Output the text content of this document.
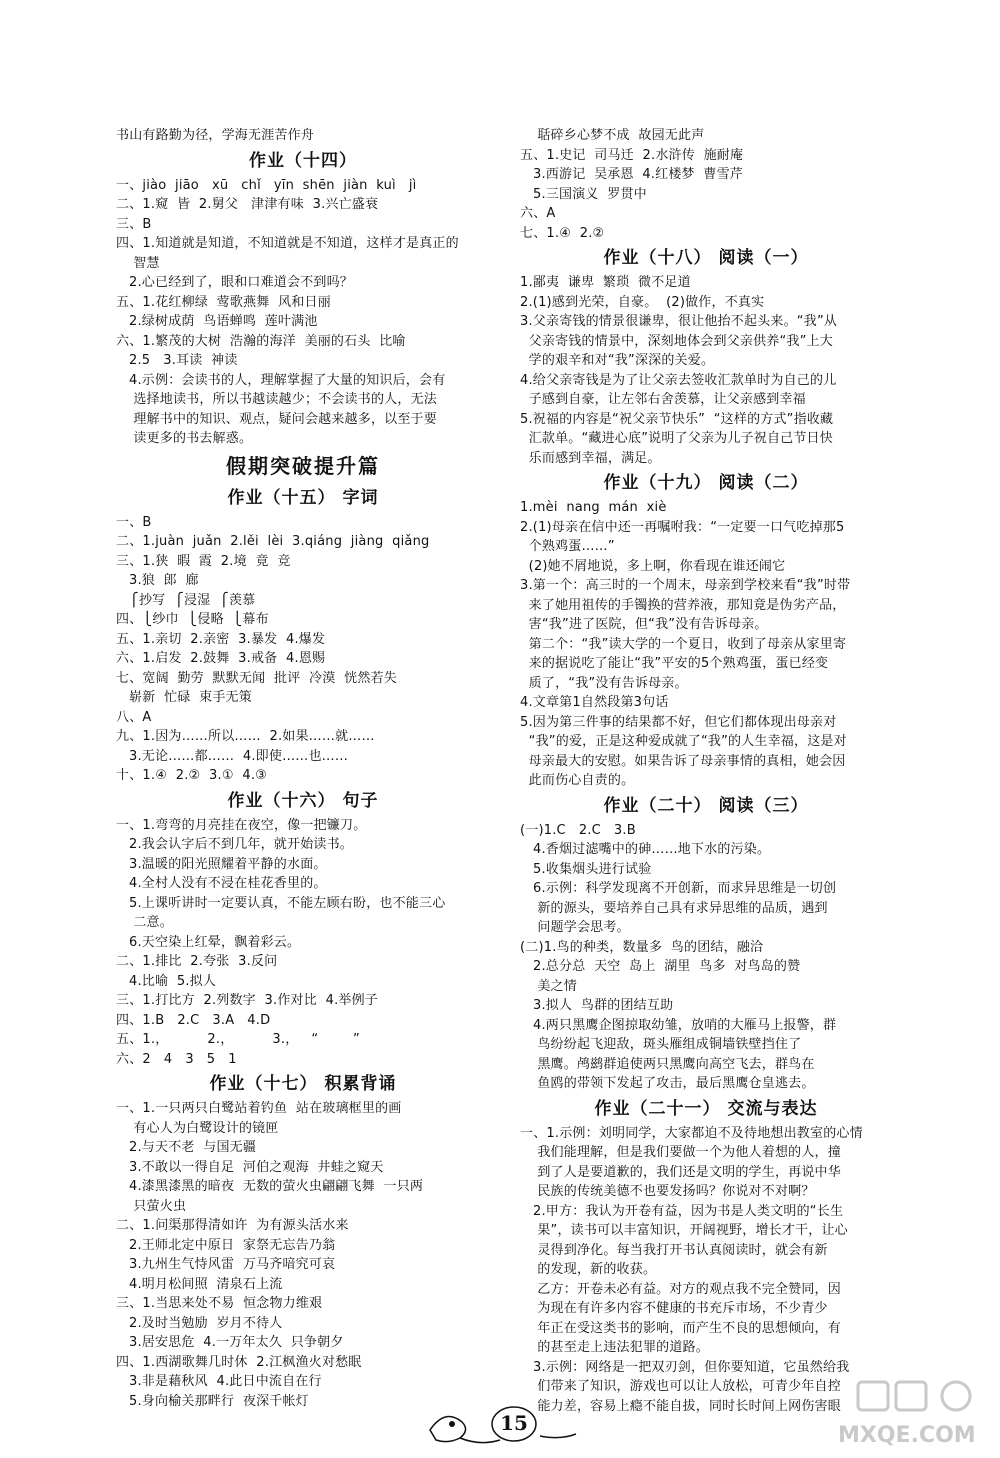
书山有路勤为径，学海无涯苦作舟
作业（十四）
一、jiào  jiāo   xū   chǐ   yīn  shēn  jiàn  kuì   jì
二、1.窥  皆  2.舅父   津津有味  3.兴亡盛衰
三、B
四、1.知道就是知道，不知道就是不知道，这样才是真正的
智慧
2.心已经到了，眼和口难道会不到吗？
五、1.花红柳绿  莺歌燕舞  风和日丽
2.绿树成荫  鸟语蝉鸣  莲叶满池
六、1.繁茂的大树  浩瀚的海洋  美丽的石头  比喻
2.5   3.耳读  神读
4.示例：会读书的人，理解掌握了大量的知识后，会有
选择地读书，所以书越读越少；不会读书的人，无法
理解书中的知识、观点，疑问会越来越多，以至于要
读更多的书去解惑。
假期突破提升篇
作业（十五） 字词
一、B
二、1.juàn  juǎn  2.lěi  lèi  3.qiáng  jiàng  qiǎng
三、1.狭  暇  霞  2.境  竟  竞
3.狼  郎  廊
⎧抄写  ⎧浸湿  ⎧羡慕
四、⎩纱巾  ⎩侵略  ⎩幕布
五、1.亲切  2.亲密  3.暴发  4.爆发
六、1.启发  2.鼓舞  3.戒备  4.恩赐
七、宽阔  勤劳  默默无闻  批评  冷漠  恍然若失
崭新  忙碌  束手无策
八、A
九、1.因为……所以……  2.如果……就……
3.无论……都……  4.即使……也……
十、1.④  2.②  3.①  4.③
作业（十六） 句子
一、1.弯弯的月亮挂在夜空，像一把镰刀。
2.我会认字后不到几年，就开始读书。
3.温暖的阳光照耀着平静的水面。
4.全村人没有不浸在桂花香里的。
5.上课听讲时一定要认真，不能左顾右盼，也不能三心
二意。
6.天空染上红晕，飘着彩云。
二、1.排比  2.夸张  3.反问
4.比喻  5.拟人
三、1.打比方  2.列数字  3.作对比  4.举例子
四、1.B   2.C   3.A   4.D
五、1.，         2.，         3.，   “        ”
六、2   4   3   5   1
作业（十七） 积累背诵
一、1.一只两只白鹭站着钓鱼  站在玻璃框里的画
有心人为白鹭设计的镜匣
2.与天不老  与国无疆
3.不敢以一得自足  河伯之观海  井蛙之窥天
4.漆黑漆黑的暗夜  无数的萤火虫翩翩飞舞  一只两
只萤火虫
二、1.问渠那得清如许  为有源头活水来
2.王师北定中原日  家祭无忘告乃翁
3.九州生气恃风雷  万马齐喑究可哀
4.明月松间照  清泉石上流
三、1.当思来处不易  恒念物力维艰
2.及时当勉励  岁月不待人
3.居安思危  4.一万年太久  只争朝夕
四、1.西湖歌舞几时休  2.江枫渔火对愁眠
3.非是藉秋风  4.此日中流自在行
5.身向榆关那畔行  夜深千帐灯
聒碎乡心梦不成  故园无此声
五、1.史记  司马迁  2.水浒传  施耐庵
3.西游记  吴承恩  4.红楼梦  曹雪芹
5.三国演义  罗贯中
六、A
七、1.④  2.②
作业（十八） 阅读（一）
1.鄙夷  谦卑  繁琐  微不足道
2.(1)感到光荣，自豪。  (2)做作，不真实
3.父亲寄钱的情景很谦卑，很让他抬不起头来。“我”从
父亲寄钱的情景中，深刻地体会到父亲供养“我”上大
学的艰辛和对“我”深深的关爱。
4.给父亲寄钱是为了让父亲去签收汇款单时为自己的儿
子感到自豪，让左邻右舍羡慕，让父亲感到幸福
5.祝福的内容是“祝父亲节快乐”  “这样的方式”指收藏
汇款单。“藏进心底”说明了父亲为儿子祝自己节日快
乐而感到幸福，满足。
作业（十九） 阅读（二）
1.mèi  nang  mán  xiè
2.(1)母亲在信中还一再嘱咐我：“一定要一口气吃掉那5
个熟鸡蛋……”
(2)她不屑地说，多上啊，你看现在谁还闹它
3.第一个：高三时的一个周末，母亲到学校来看“我”时带
来了她用祖传的手镯换的营养液，那知竟是伪劣产品，
害“我”进了医院，但“我”没有告诉母亲。
第二个：“我”读大学的一个夏日，收到了母亲从家里寄
来的据说吃了能让“我”平安的5个熟鸡蛋，蛋已经变
质了，“我”没有告诉母亲。
4.文章第1自然段第3句话
5.因为第三件事的结果都不好，但它们都体现出母亲对
“我”的爱，正是这种爱成就了“我”的人生幸福，这是对
母亲最大的安慰。如果告诉了母亲事情的真相，她会因
此而伤心自责的。
作业（二十） 阅读（三）
(一)1.C   2.C   3.B
4.香烟过滤嘴中的砷……地下水的污染。
5.收集烟头进行试验
6.示例：科学发现离不开创新，而求异思维是一切创
新的源头，要培养自己具有求异思维的品质，遇到
问题学会思考。
(二)1.鸟的种类，数量多  鸟的团结，融洽
2.总分总  天空  岛上  湖里  鸟多  对鸟岛的赞
美之情
3.拟人  鸟群的团结互助
4.两只黑鹰企图掠取幼雏，放哨的大雁马上报警，群
鸟纷纷起飞迎敌，斑头雁组成铜墙铁壁挡住了
黑鹰。鸬鹚群追使两只黑鹰向高空飞去，群鸟在
鱼鸥的带领下发起了攻击，最后黑鹰仓皇逃去。
作业（二十一） 交流与表达
一、1.示例：刘明同学，大家都迫不及待地想出教室的心情
我们能理解，但是我们要做一个为他人着想的人，撞
到了人是要道歉的，我们还是文明的学生，再说中华
民族的传统美德不也要发扬吗？你说对不对啊？
2.甲方：我认为开卷有益，因为书是人类文明的“长生
果”，读书可以丰富知识，开阔视野，增长才干，让心
灵得到净化。每当我打开书认真阅读时，就会有新
的发现，新的收获。
乙方：开卷未必有益。对方的观点我不完全赞同，因
为现在有许多内容不健康的书充斥市场，不少青少
年正在受这类书的影响，而产生不良的思想倾向，有
的甚至走上违法犯罪的道路。
3.示例：网络是一把双刃剑，但你要知道，它虽然给我
们带来了知识，游戏也可以让人放松，可青少年自控
能力差，容易上瘾不能自拔，同时长时间上网伤害眼
15	MXQE.COM
